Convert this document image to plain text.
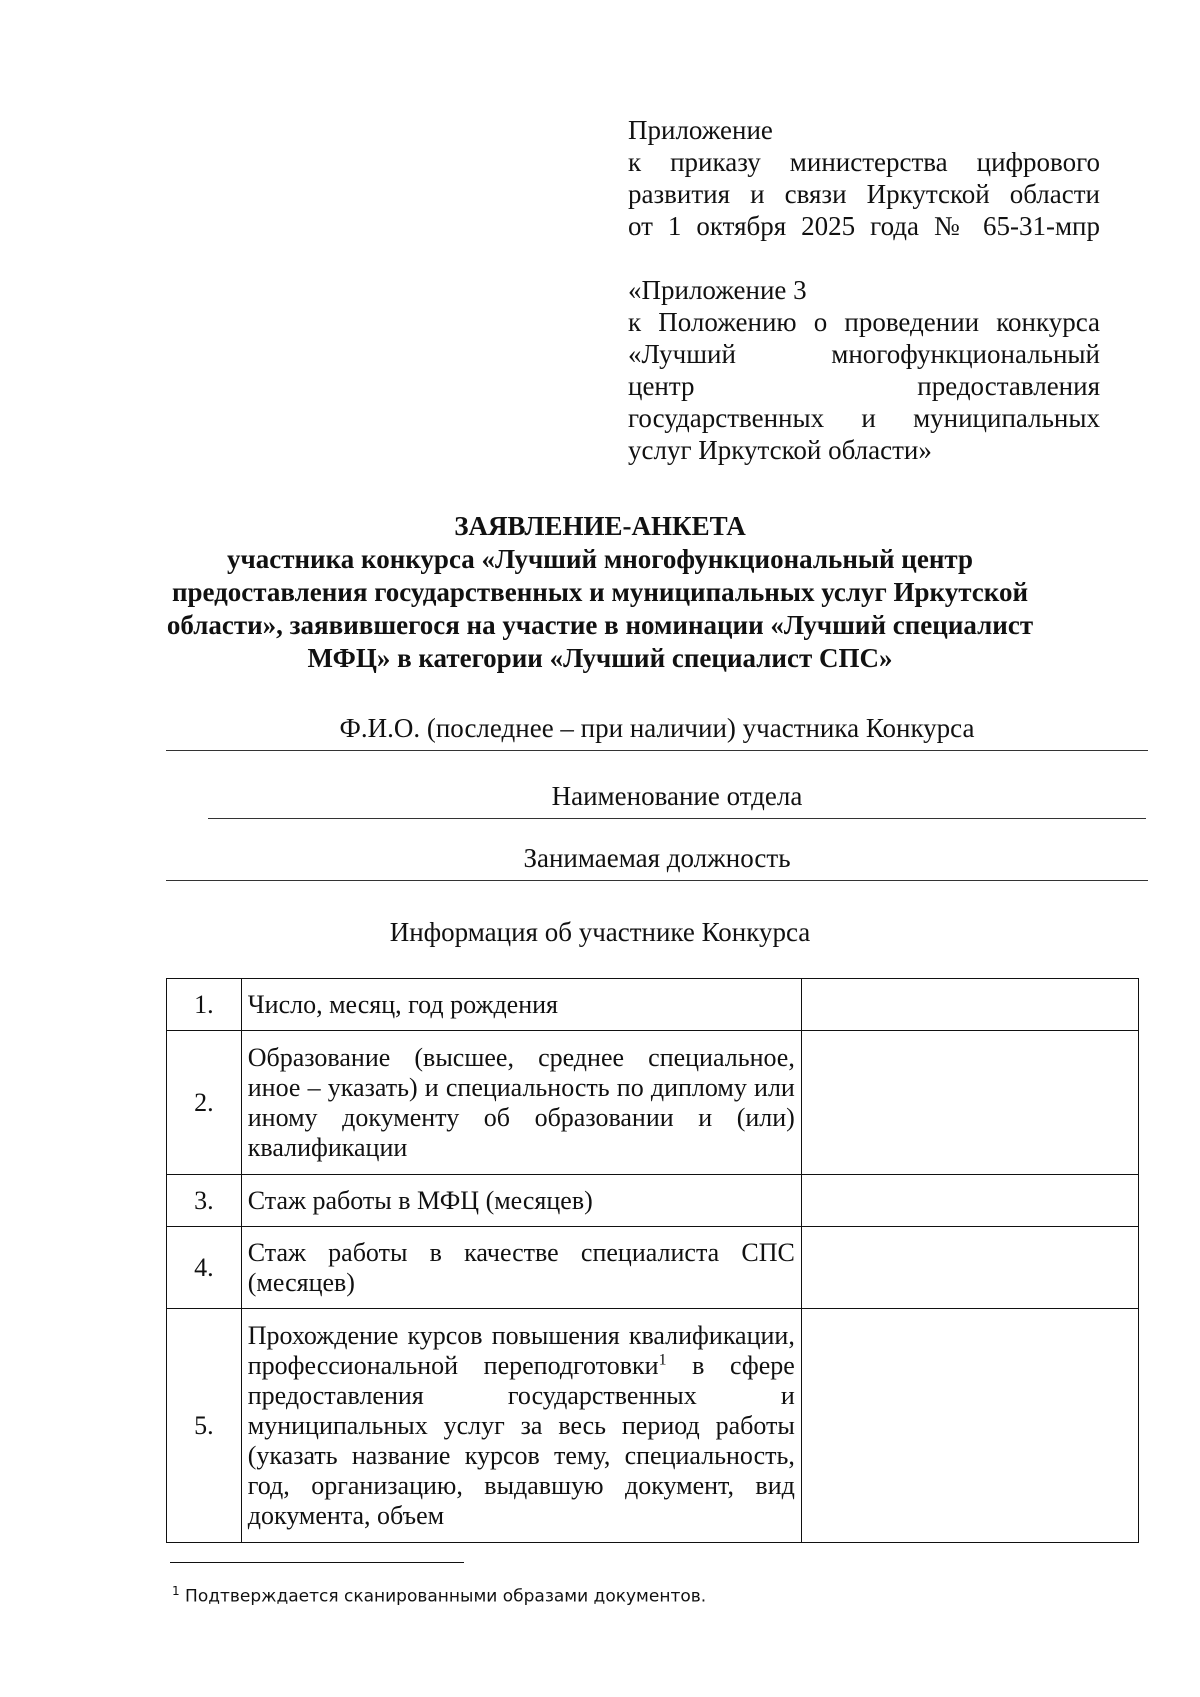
Приложение

к приказу министерства цифрового

развития и связи Иркутской области

от 1 октября 2025 года № 65-31-мпр

«Приложение 3

к Положению о проведении конкурса

«Лучший многофункциональный

центр предоставления

государственных и муниципальных

услуг Иркутской области»

ЗАЯВЛЕНИЕ-АНКЕТА
участника конкурса «Лучший многофункциональный центр
предоставления государственных и муниципальных услуг Иркутской
области», заявившегося на участие в номинации «Лучший специалист
МФЦ» в категории «Лучший специалист СПС»
Ф.И.О. (последнее – при наличии) участника Конкурса
Наименование отдела
Занимаемая должность
Информация об участнике Конкурса
1.	Число, месяц, год рождения	
2.	Образование (высшее, среднее специальное, иное – указать) и специальность по диплому или иному документу об образовании и (или) квалификации	
3.	Стаж работы в МФЦ (месяцев)	
4.	Стаж работы в качестве специалиста СПС (месяцев)	
5.	Прохождение курсов повышения квалификации, профессиональной переподготовки$^1$ в сфере предоставления государственных и муниципальных услуг за весь период работы (указать название курсов тему, специальность, год, организацию, выдавшую документ, вид документа, объем	
$^1$ Подтверждается сканированными образами документов.
